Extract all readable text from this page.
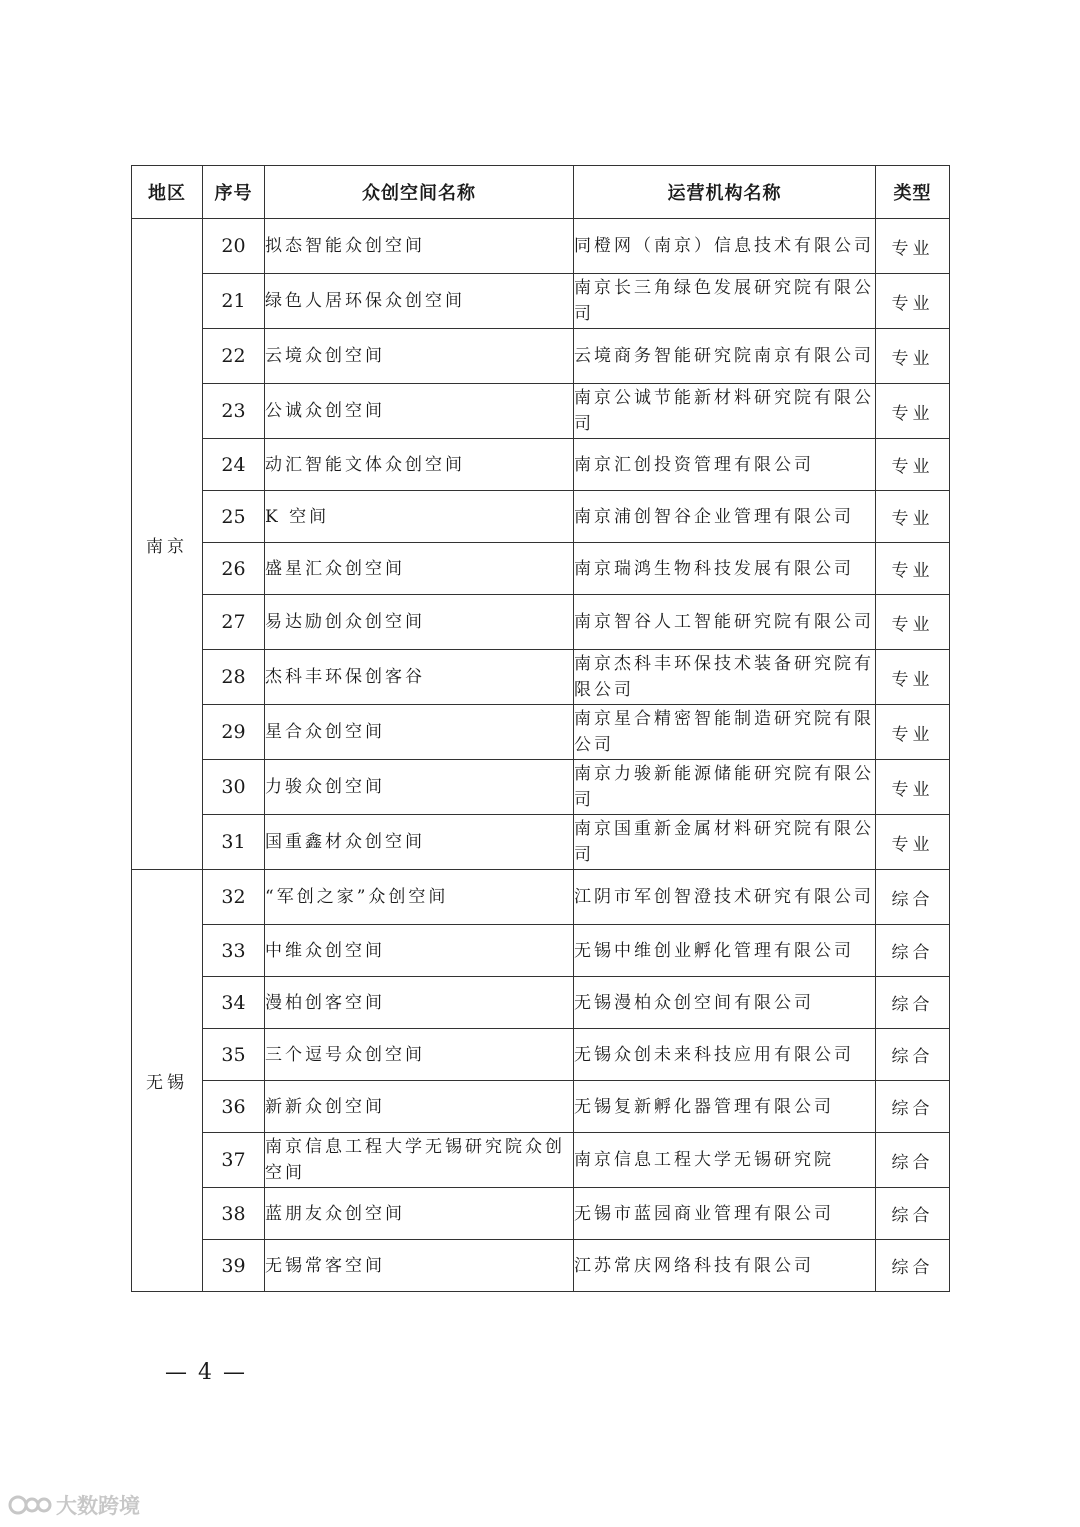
地区	序号	众创空间名称	运营机构名称	类型
南京	20	拟态智能众创空间	同橙网（南京）信息技术有限公司	专业
	21	绿色人居环保众创空间	南京长三角绿色发展研究院有限公司	专业
	22	云境众创空间	云境商务智能研究院南京有限公司	专业
	23	公诚众创空间	南京公诚节能新材料研究院有限公司	专业
	24	动汇智能文体众创空间	南京汇创投资管理有限公司	专业
	25	K 空间	南京浦创智谷企业管理有限公司	专业
	26	盛星汇众创空间	南京瑞鸿生物科技发展有限公司	专业
	27	易达励创众创空间	南京智谷人工智能研究院有限公司	专业
	28	杰科丰环保创客谷	南京杰科丰环保技术装备研究院有限公司	专业
	29	星合众创空间	南京星合精密智能制造研究院有限公司	专业
	30	力骏众创空间	南京力骏新能源储能研究院有限公司	专业
	31	国重鑫材众创空间	南京国重新金属材料研究院有限公司	专业
无锡	32	“军创之家”众创空间	江阴市军创智澄技术研究有限公司	综合
	33	中维众创空间	无锡中维创业孵化管理有限公司	综合
	34	漫柏创客空间	无锡漫柏众创空间有限公司	综合
	35	三个逗号众创空间	无锡众创未来科技应用有限公司	综合
	36	新新众创空间	无锡复新孵化器管理有限公司	综合
	37	南京信息工程大学无锡研究院众创空间	南京信息工程大学无锡研究院	综合
	38	蓝朋友众创空间	无锡市蓝园商业管理有限公司	综合
	39	无锡常客空间	江苏常庆网络科技有限公司	综合
— 4 —
大数跨境
